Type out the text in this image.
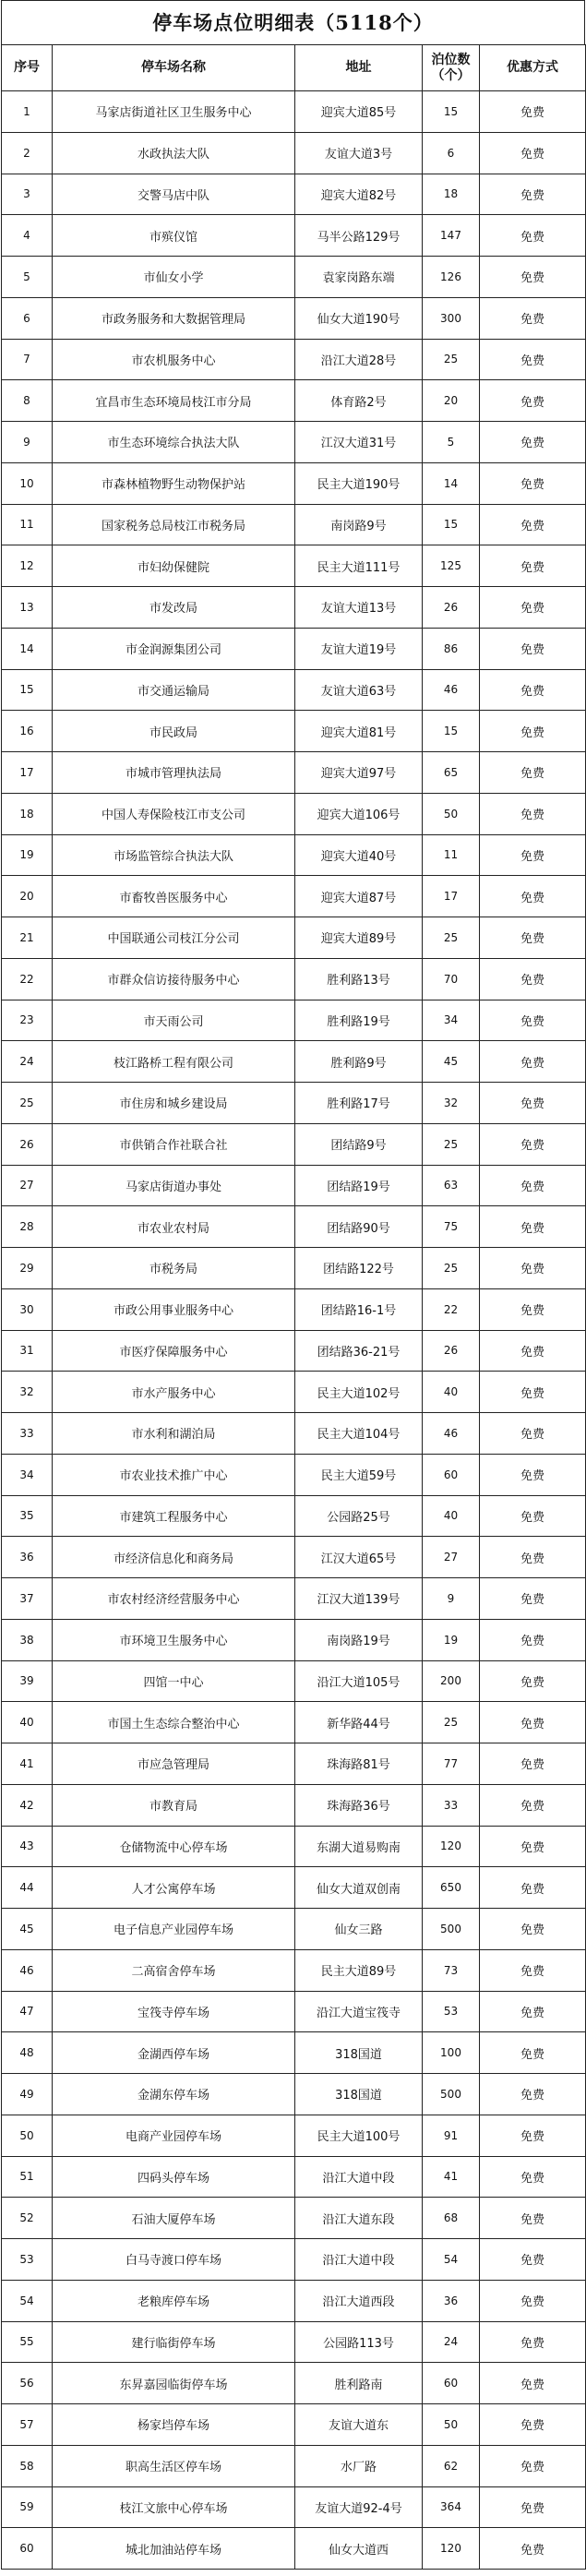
停车场点位明细表（5118个）
序号	停车场名称	地址	泊位数（个）	优惠方式
1	马家店街道社区卫生服务中心	迎宾大道85号	15	免费
2	水政执法大队	友谊大道3号	6	免费
3	交警马店中队	迎宾大道82号	18	免费
4	市殡仪馆	马半公路129号	147	免费
5	市仙女小学	袁家岗路东端	126	免费
6	市政务服务和大数据管理局	仙女大道190号	300	免费
7	市农机服务中心	沿江大道28号	25	免费
8	宜昌市生态环境局枝江市分局	体育路2号	20	免费
9	市生态环境综合执法大队	江汉大道31号	5	免费
10	市森林植物野生动物保护站	民主大道190号	14	免费
11	国家税务总局枝江市税务局	南岗路9号	15	免费
12	市妇幼保健院	民主大道111号	125	免费
13	市发改局	友谊大道13号	26	免费
14	市金润源集团公司	友谊大道19号	86	免费
15	市交通运输局	友谊大道63号	46	免费
16	市民政局	迎宾大道81号	15	免费
17	市城市管理执法局	迎宾大道97号	65	免费
18	中国人寿保险枝江市支公司	迎宾大道106号	50	免费
19	市场监管综合执法大队	迎宾大道40号	11	免费
20	市畜牧兽医服务中心	迎宾大道87号	17	免费
21	中国联通公司枝江分公司	迎宾大道89号	25	免费
22	市群众信访接待服务中心	胜利路13号	70	免费
23	市天雨公司	胜利路19号	34	免费
24	枝江路桥工程有限公司	胜利路9号	45	免费
25	市住房和城乡建设局	胜利路17号	32	免费
26	市供销合作社联合社	团结路9号	25	免费
27	马家店街道办事处	团结路19号	63	免费
28	市农业农村局	团结路90号	75	免费
29	市税务局	团结路122号	25	免费
30	市政公用事业服务中心	团结路16-1号	22	免费
31	市医疗保障服务中心	团结路36-21号	26	免费
32	市水产服务中心	民主大道102号	40	免费
33	市水利和湖泊局	民主大道104号	46	免费
34	市农业技术推广中心	民主大道59号	60	免费
35	市建筑工程服务中心	公园路25号	40	免费
36	市经济信息化和商务局	江汉大道65号	27	免费
37	市农村经济经营服务中心	江汉大道139号	9	免费
38	市环境卫生服务中心	南岗路19号	19	免费
39	四馆一中心	沿江大道105号	200	免费
40	市国土生态综合整治中心	新华路44号	25	免费
41	市应急管理局	珠海路81号	77	免费
42	市教育局	珠海路36号	33	免费
43	仓储物流中心停车场	东湖大道易购南	120	免费
44	人才公寓停车场	仙女大道双创南	650	免费
45	电子信息产业园停车场	仙女三路	500	免费
46	二高宿舍停车场	民主大道89号	73	免费
47	宝筏寺停车场	沿江大道宝筏寺	53	免费
48	金湖西停车场	318国道	100	免费
49	金湖东停车场	318国道	500	免费
50	电商产业园停车场	民主大道100号	91	免费
51	四码头停车场	沿江大道中段	41	免费
52	石油大厦停车场	沿江大道东段	68	免费
53	白马寺渡口停车场	沿江大道中段	54	免费
54	老粮库停车场	沿江大道西段	36	免费
55	建行临街停车场	公园路113号	24	免费
56	东昇嘉园临街停车场	胜利路南	60	免费
57	杨家垱停车场	友谊大道东	50	免费
58	职高生活区停车场	水厂路	62	免费
59	枝江文旅中心停车场	友谊大道92-4号	364	免费
60	城北加油站停车场	仙女大道西	120	免费
